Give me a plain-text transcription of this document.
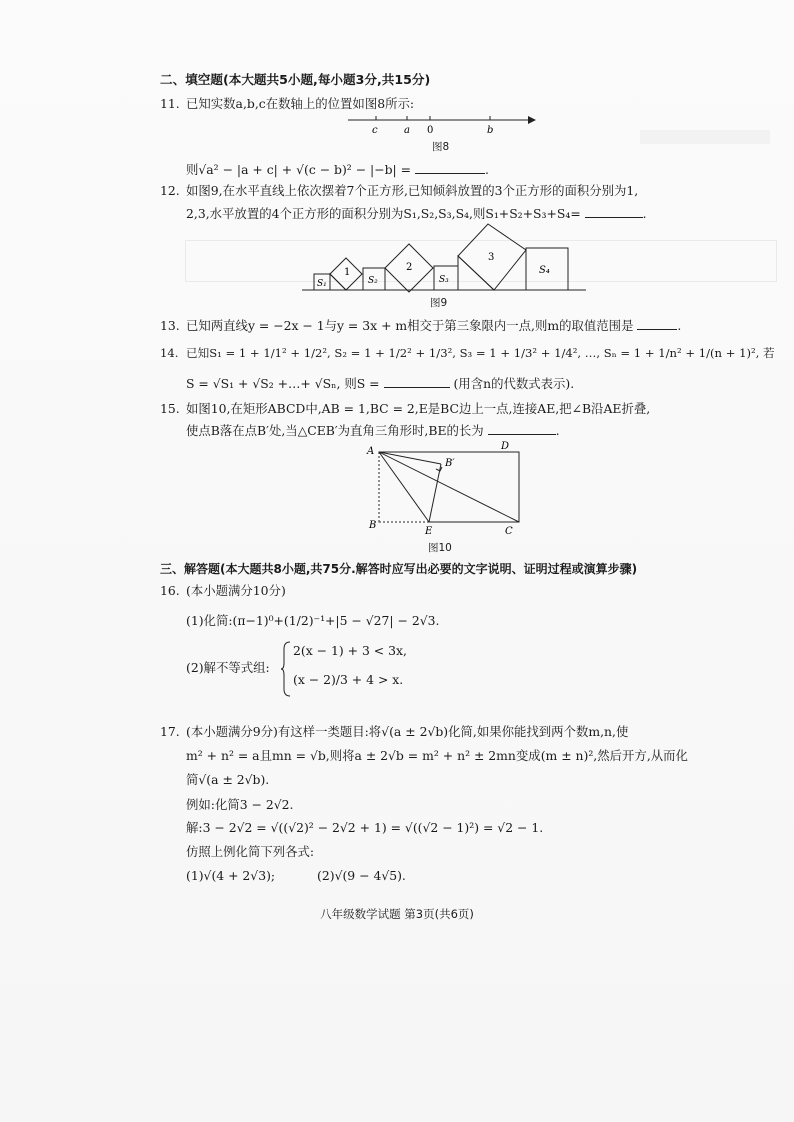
二、填空题(本大题共5小题,每小题3分,共15分)
11. 已知实数a,b,c在数轴上的位置如图8所示:
c	a 0	b
图8
则√a² − |a + c| + √(c − b)² − |−b| =	.
12. 如图9,在水平直线上依次摆着7个正方形,已知倾斜放置的3个正方形的面积分别为1,
2,3,水平放置的4个正方形的面积分别为S₁,S₂,S₃,S₄,则S₁+S₂+S₃+S₄=	.
S₁
1
S₂
2
S₃
3
S₄
图9
13. 已知两直线y = −2x − 1与y = 3x + m相交于第三象限内一点,则m的取值范围是	.
14. 已知S₁ = 1 + 1/1² + 1/2², S₂ = 1 + 1/2² + 1/3², S₃ = 1 + 1/3² + 1/4², …, Sₙ = 1 + 1/n² + 1/(n + 1)², 若
S = √S₁ + √S₂ +…+ √Sₙ, 则S =	(用含n的代数式表示).
15. 如图10,在矩形ABCD中,AB = 1,BC = 2,E是BC边上一点,连接AE,把∠B沿AE折叠,
使点B落在点B′处,当△CEB′为直角三角形时,BE的长为	.
A	D
B′
B
E	C
图10
三、解答题(本大题共8小题,共75分.解答时应写出必要的文字说明、证明过程或演算步骤)
16. (本小题满分10分)
(1)化简:(π−1)⁰+(1/2)⁻¹+|5 − √27| − 2√3.
(2)解不等式组:
2(x − 1) + 3 < 3x,
(x − 2)/3 + 4 > x.
17. (本小题满分9分)有这样一类题目:将√(a ± 2√b)化简,如果你能找到两个数m,n,使
m² + n² = a且mn = √b,则将a ± 2√b = m² + n² ± 2mn变成(m ± n)²,然后开方,从而化
简√(a ± 2√b).
例如:化简3 − 2√2.
解:3 − 2√2 = √((√2)² − 2√2 + 1) = √((√2 − 1)²) = √2 − 1.
仿照上例化简下列各式:
(1)√(4 + 2√3);	(2)√(9 − 4√5).
八年级数学试题 第3页(共6页)
